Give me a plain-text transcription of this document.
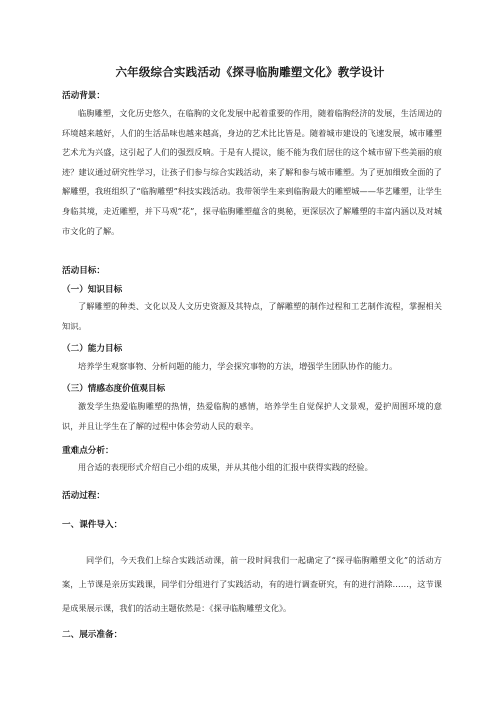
六年级综合实践活动《探寻临朐雕塑文化》教学设计
活动背景：
临朐雕塑，文化历史悠久，在临朐的文化发展中起着重要的作用，随着临朐经济的发展，生活周边的环境越来越好，人们的生活品味也越来越高，身边的艺术比比皆是。随着城市建设的飞速发展，城市雕塑艺术尤为兴盛，这引起了人们的强烈反响。于是有人提议，能不能为我们居住的这个城市留下些美丽的痕迹？建议通过研究性学习，让孩子们参与综合实践活动，来了解和参与城市雕塑。为了更加细致全面的了解雕塑，我班组织了“临朐雕塑”科技实践活动。我带领学生来到临朐最大的雕塑城——华艺雕塑，让学生身临其境，走近雕塑，并下马观“花”，探寻临朐雕塑蕴含的奥秘，更深层次了解雕塑的丰富内涵以及对城市文化的了解。
活动目标：
（一）知识目标
了解雕塑的种类、文化以及人文历史资源及其特点，了解雕塑的制作过程和工艺制作流程，掌握相关知识。
（二）能力目标
培养学生观察事物、分析问题的能力，学会探究事物的方法，增强学生团队协作的能力。
（三）情感态度价值观目标
激发学生热爱临朐雕塑的热情，热爱临朐的感情，培养学生自觉保护人文景观，爱护周围环境的意识，并且让学生在了解的过程中体会劳动人民的艰辛。
重难点分析：
用合适的表现形式介绍自己小组的成果，并从其他小组的汇报中获得实践的经验。
活动过程：
一、课件导入：
同学们，今天我们上综合实践活动课，前一段时间我们一起确定了“探寻临朐雕塑文化”的活动方案，上节课是亲历实践课，同学们分组进行了实践活动，有的进行调查研究，有的进行消除……，这节课是成果展示课，我们的活动主题依然是：《探寻临朐雕塑文化》。
二、展示准备：
